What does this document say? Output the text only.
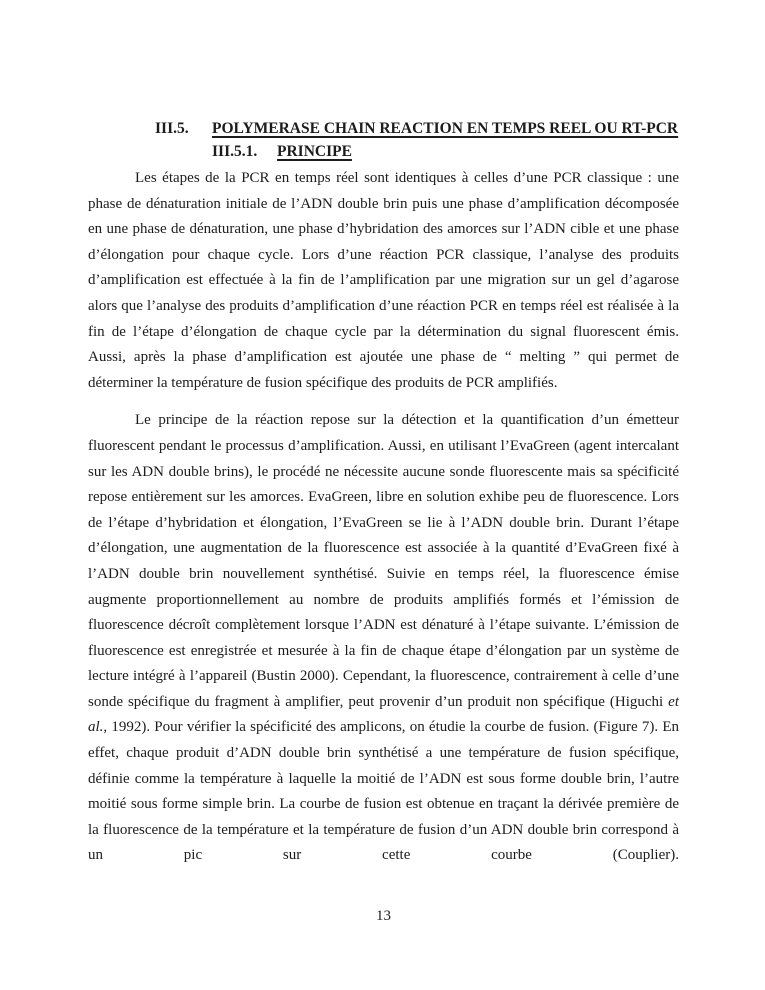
III.5. POLYMERASE CHAIN REACTION EN TEMPS REEL OU RT-PCR
III.5.1. PRINCIPE
Les étapes de la PCR en temps réel sont identiques à celles d’une PCR classique : une
phase de dénaturation initiale de l’ADN double brin puis une phase d’amplification décomposée
en une phase de dénaturation, une phase d’hybridation des amorces sur l’ADN cible et une phase
d’élongation pour chaque cycle. Lors d’une réaction PCR classique, l’analyse des produits
d’amplification est effectuée à la fin de l’amplification par une migration sur un gel d’agarose
alors que l’analyse des produits d’amplification d’une réaction PCR en temps réel est réalisée à la
fin de l’étape d’élongation de chaque cycle par la détermination du signal fluorescent émis.
Aussi, après la phase d’amplification est ajoutée une phase de “ melting ” qui permet de
déterminer la température de fusion spécifique des produits de PCR amplifiés.
Le principe de la réaction repose sur la détection et la quantification d’un émetteur
fluorescent pendant le processus d’amplification. Aussi, en utilisant l’EvaGreen (agent intercalant
sur les ADN double brins), le procédé ne nécessite aucune sonde fluorescente mais sa spécificité
repose entièrement sur les amorces. EvaGreen, libre en solution exhibe peu de fluorescence. Lors
de l’étape d’hybridation et élongation, l’EvaGreen se lie à l’ADN double brin. Durant l’étape
d’élongation, une augmentation de la fluorescence est associée à la quantité d’EvaGreen fixé à
l’ADN double brin nouvellement synthétisé. Suivie en temps réel, la fluorescence émise
augmente proportionnellement au nombre de produits amplifiés formés et l’émission de
fluorescence décroît complètement lorsque l’ADN est dénaturé à l’étape suivante. L’émission de
fluorescence est enregistrée et mesurée à la fin de chaque étape d’élongation par un système de
lecture intégré à l’appareil (Bustin 2000). Cependant, la fluorescence, contrairement à celle d’une
sonde spécifique du fragment à amplifier, peut provenir d’un produit non spécifique (Higuchi et
al., 1992). Pour vérifier la spécificité des amplicons, on étudie la courbe de fusion. (Figure 7). En
effet, chaque produit d’ADN double brin synthétisé a une température de fusion spécifique,
définie comme la température à laquelle la moitié de l’ADN est sous forme double brin, l’autre
moitié sous forme simple brin. La courbe de fusion est obtenue en traçant la dérivée première de
la fluorescence de la température et la température de fusion d’un ADN double brin correspond à
un pic sur cette courbe (Couplier).
13
